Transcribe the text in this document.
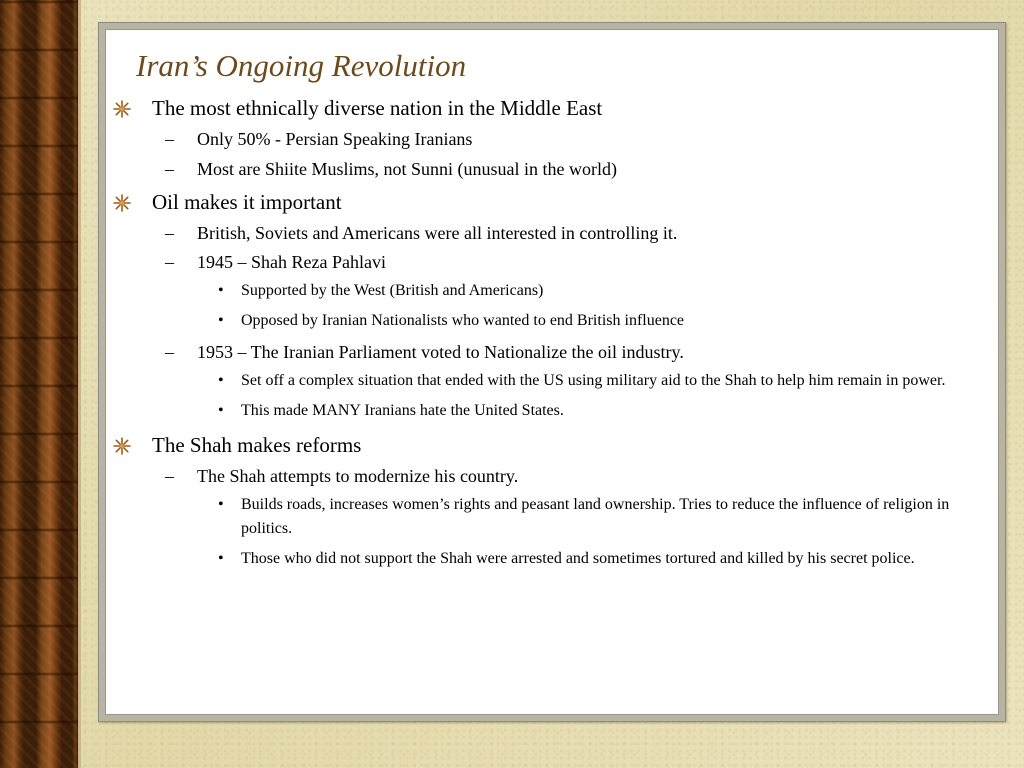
Iran’s Ongoing Revolution
The most ethnically diverse nation in the Middle East
– Only 50% - Persian Speaking Iranians
– Most are Shiite Muslims, not Sunni (unusual in the world)
Oil makes it important
– British, Soviets and Americans were all interested in controlling it.
– 1945 – Shah Reza Pahlavi
• Supported by the West (British and Americans)
• Opposed by Iranian Nationalists who wanted to end British influence
– 1953 – The Iranian Parliament voted to Nationalize the oil industry.
• Set off a complex situation that ended with the US using military aid to the Shah to help him remain in power.
• This made MANY Iranians hate the United States.
The Shah makes reforms
– The Shah attempts to modernize his country.
• Builds roads, increases women’s rights and peasant land ownership. Tries to reduce the influence of religion in politics.
• Those who did not support the Shah were arrested and sometimes tortured and killed by his secret police.
